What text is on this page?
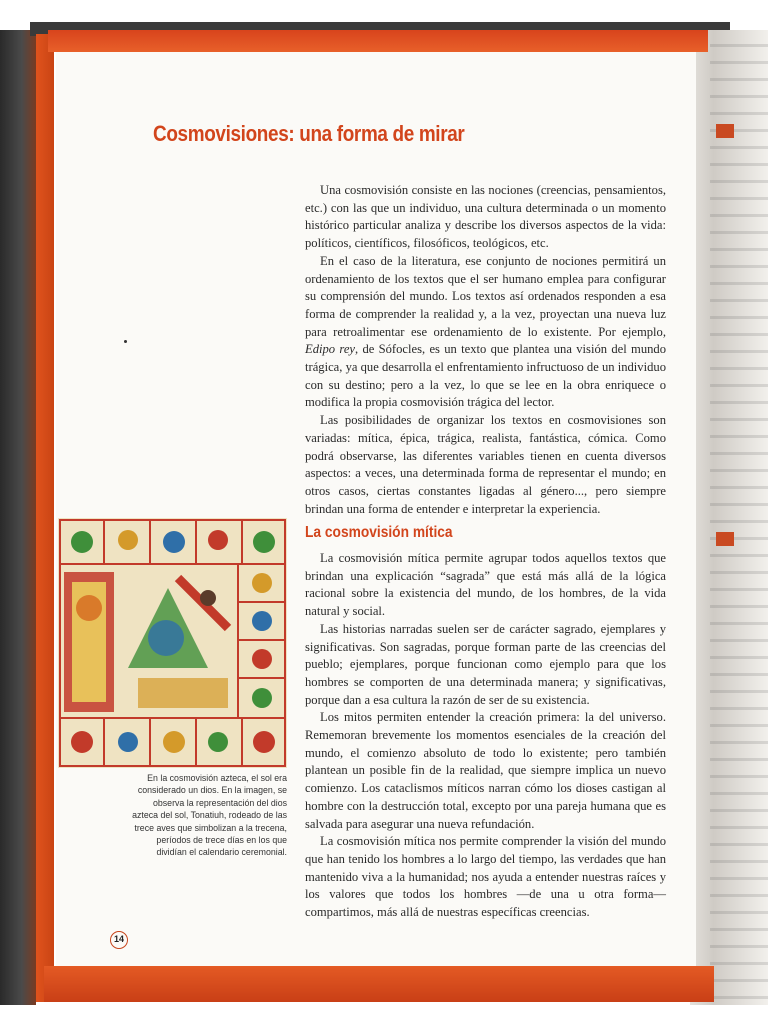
Cosmovisiones: una forma de mirar

Una cosmovisión consiste en las nociones (creencias, pensamientos, etc.) con las que un individuo, una cultura determinada o un momento histórico particular analiza y describe los diversos aspectos de la vida: políticos, científicos, filosóficos, teológicos, etc.

En el caso de la literatura, ese conjunto de nociones permitirá un ordenamiento de los textos que el ser humano emplea para configurar su comprensión del mundo. Los textos así ordenados responden a esa forma de comprender la realidad y, a la vez, proyectan una nueva luz para retroalimentar ese ordenamiento de lo existente. Por ejemplo, Edipo rey, de Sófocles, es un texto que plantea una visión del mundo trágica, ya que desarrolla el enfrentamiento infructuoso de un individuo con su destino; pero a la vez, lo que se lee en la obra enriquece o modifica la propia cosmovisión trágica del lector.

Las posibilidades de organizar los textos en cosmovisiones son variadas: mítica, épica, trágica, realista, fantástica, cómica. Como podrá observarse, las diferentes variables tienen en cuenta diversos aspectos: a veces, una determinada forma de representar el mundo; en otros casos, ciertas constantes ligadas al género..., pero siempre brindan una forma de entender e interpretar la experiencia.

La cosmovisión mítica

La cosmovisión mítica permite agrupar todos aquellos textos que brindan una explicación “sagrada” que está más allá de la lógica racional sobre la existencia del mundo, de los hombres, de la vida natural y social.

Las historias narradas suelen ser de carácter sagrado, ejemplares y significativas. Son sagradas, porque forman parte de las creencias del pueblo; ejemplares, porque funcionan como ejemplo para que los hombres se comporten de una determinada manera; y significativas, porque dan a esa cultura la razón de ser de su existencia.

Los mitos permiten entender la creación primera: la del universo. Rememoran brevemente los momentos esenciales de la creación del mundo, el comienzo absoluto de todo lo existente; pero también plantean un posible fin de la realidad, que siempre implica un nuevo comienzo. Los cataclismos míticos narran cómo los dioses castigan al hombre con la destrucción total, excepto por una pareja humana que es salvada para asegurar una nueva refundación.

La cosmovisión mítica nos permite comprender la visión del mundo que han tenido los hombres a lo largo del tiempo, las verdades que han mantenido viva a la humanidad; nos ayuda a entender nuestras raíces y los valores que todos los hombres —de una u otra forma— compartimos, más allá de nuestras específicas creencias.

En la cosmovisión azteca, el sol era considerado un dios. En la imagen, se observa la representación del dios azteca del sol, Tonatiuh, rodeado de las trece aves que simbolizan a la trecena, períodos de trece días en los que dividían el calendario ceremonial.

14
